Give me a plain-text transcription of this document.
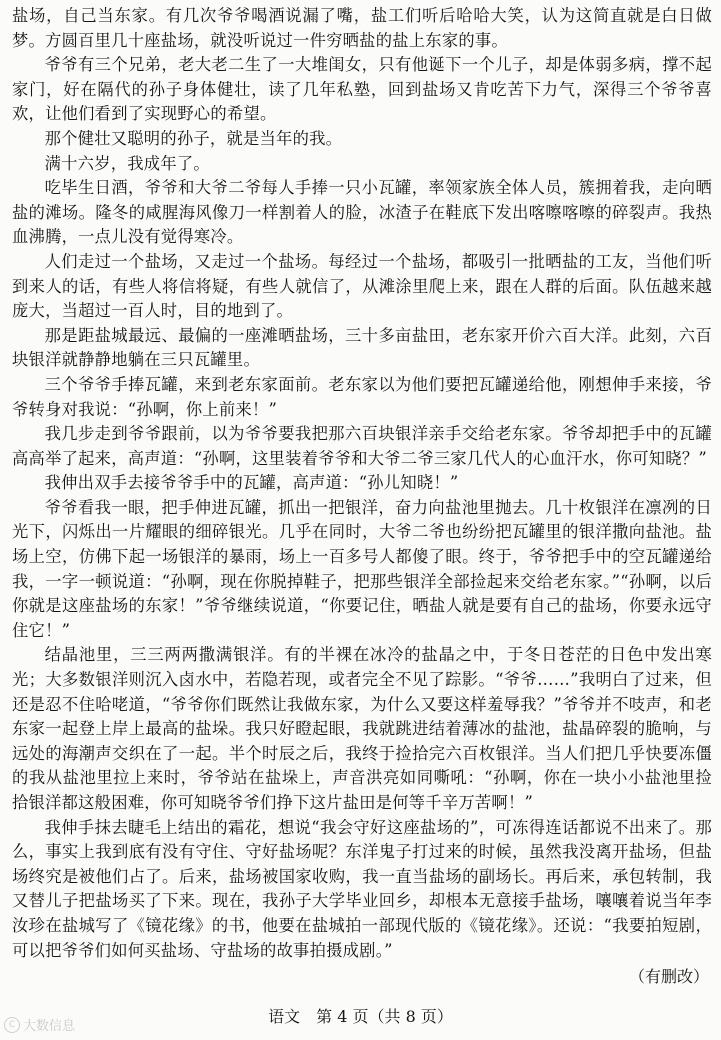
盐场，自己当东家。有几次爷爷喝酒说漏了嘴，盐工们听后哈哈大笑，认为这简直就是白日做梦。方圆百里几十座盐场，就没听说过一件穷晒盐的盐上东家的事。

爷爷有三个兄弟，老大老二生了一大堆闺女，只有他诞下一个儿子，却是体弱多病，撑不起家门，好在隔代的孙子身体健壮，读了几年私塾，回到盐场又肯吃苦下力气，深得三个爷爷喜欢，让他们看到了实现野心的希望。

那个健壮又聪明的孙子，就是当年的我。

满十六岁，我成年了。

吃毕生日酒，爷爷和大爷二爷每人手捧一只小瓦罐，率领家族全体人员，簇拥着我，走向晒盐的滩场。隆冬的咸腥海风像刀一样割着人的脸，冰渣子在鞋底下发出喀嚓喀嚓的碎裂声。我热血沸腾，一点儿没有觉得寒冷。

人们走过一个盐场，又走过一个盐场。每经过一个盐场，都吸引一批晒盐的工友，当他们听到来人的话，有些人将信将疑，有些人就信了，从滩涂里爬上来，跟在人群的后面。队伍越来越庞大，当超过一百人时，目的地到了。

那是距盐城最远、最偏的一座滩晒盐场，三十多亩盐田，老东家开价六百大洋。此刻，六百块银洋就静静地躺在三只瓦罐里。

三个爷爷手捧瓦罐，来到老东家面前。老东家以为他们要把瓦罐递给他，刚想伸手来接，爷爷转身对我说：“孙啊，你上前来！”

我几步走到爷爷跟前，以为爷爷要我把那六百块银洋亲手交给老东家。爷爷却把手中的瓦罐高高举了起来，高声道：“孙啊，这里装着爷爷和大爷二爷三家几代人的心血汗水，你可知晓？”

我伸出双手去接爷爷手中的瓦罐，高声道：“孙儿知晓！”

爷爷看我一眼，把手伸进瓦罐，抓出一把银洋，奋力向盐池里抛去。几十枚银洋在凛冽的日光下，闪烁出一片耀眼的细碎银光。几乎在同时，大爷二爷也纷纷把瓦罐里的银洋撒向盐池。盐场上空，仿佛下起一场银洋的暴雨，场上一百多号人都傻了眼。终于，爷爷把手中的空瓦罐递给我，一字一顿说道：“孙啊，现在你脱掉鞋子，把那些银洋全部捡起来交给老东家。”“孙啊，以后你就是这座盐场的东家！”爷爷继续说道，“你要记住，晒盐人就是要有自己的盐场，你要永远守住它！”

结晶池里，三三两两撒满银洋。有的半裸在冰冷的盐晶之中，于冬日苍茫的日色中发出寒光；大多数银洋则沉入卤水中，若隐若现，或者完全不见了踪影。“爷爷……”我明白了过来，但还是忍不住哈咾道，“爷爷你们既然让我做东家，为什么又要这样羞辱我？”爷爷并不吱声，和老东家一起登上岸上最高的盐垛。我只好瞪起眼，我就跳进结着薄冰的盐池，盐晶碎裂的脆响，与远处的海潮声交织在了一起。半个时辰之后，我终于捡拾完六百枚银洋。当人们把几乎快要冻僵的我从盐池里拉上来时，爷爷站在盐垛上，声音洪亮如同嘶吼：“孙啊，你在一块小小盐池里捡拾银洋都这般困难，你可知晓爷爷们挣下这片盐田是何等千辛万苦啊！”

我伸手抹去睫毛上结出的霜花，想说“我会守好这座盐场的”，可冻得连话都说不出来了。那么，事实上我到底有没有守住、守好盐场呢？东洋鬼子打过来的时候，虽然我没离开盐场，但盐场终究是被他们占了。后来，盐场被国家收购，我一直当盐场的副场长。再后来，承包转制，我又替儿子把盐场买了下来。现在，我孙子大学毕业回乡，却根本无意接手盐场，嚷嚷着说当年李汝珍在盐城写了《镜花缘》的书，他要在盐城拍一部现代版的《镜花缘》。还说：“我要拍短剧，可以把爷爷们如何买盐场、守盐场的故事拍摄成剧。”

（有删改）

语文　第 4 页（共 8 页）

C 大数信息
